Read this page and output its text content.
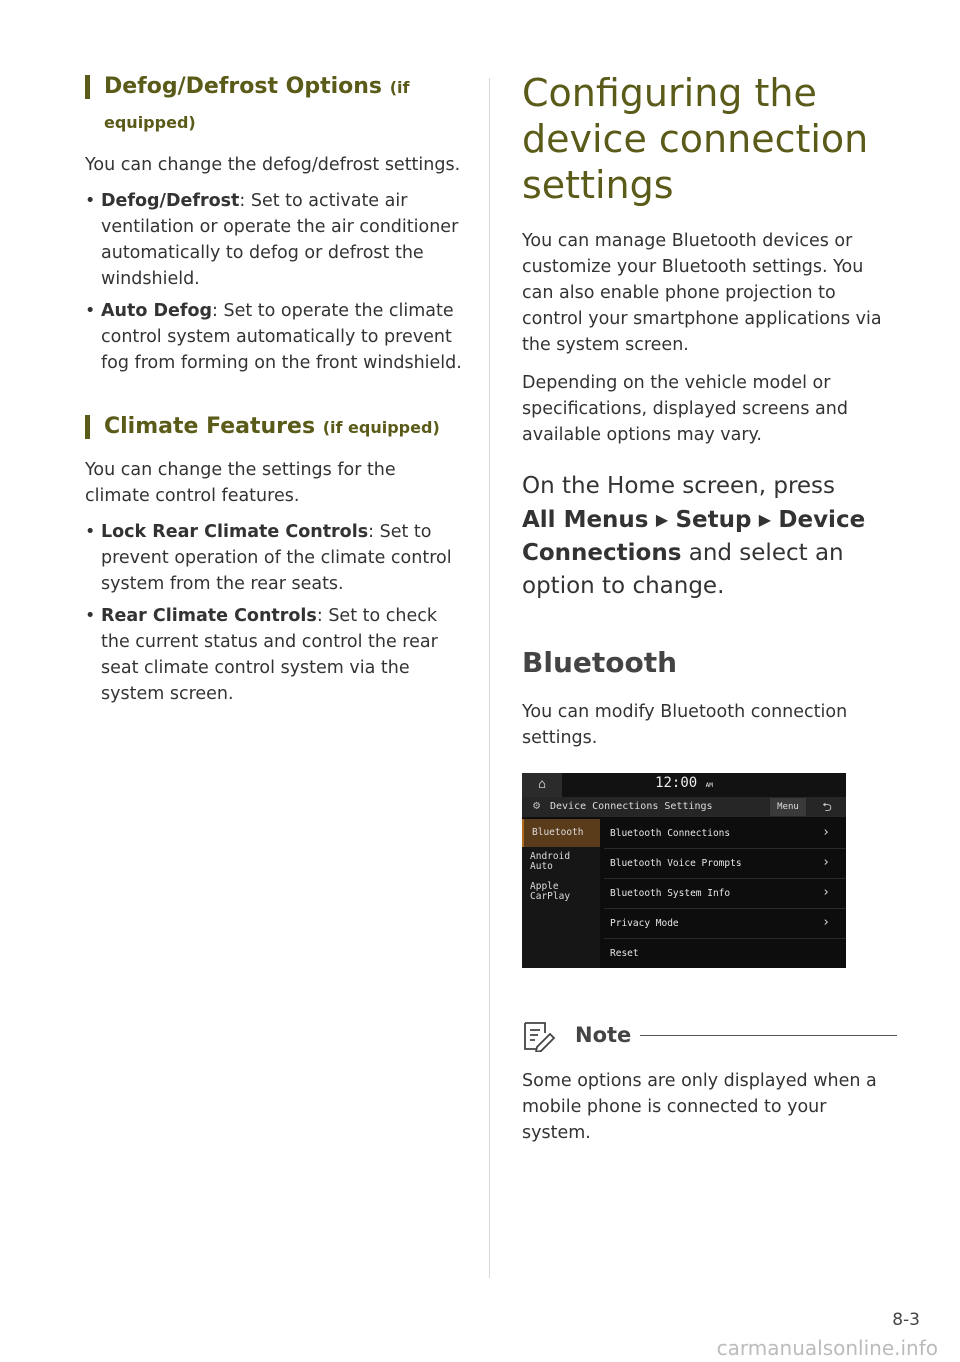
Defog/Defrost Options (if equipped)

You can change the defog/defrost settings.

• Defog/Defrost: Set to activate air ventilation or operate the air conditioner automatically to defog or defrost the windshield.
• Auto Defog: Set to operate the climate control system automatically to prevent fog from forming on the front windshield.
Climate Features (if equipped)

You can change the settings for the climate control features.

• Lock Rear Climate Controls: Set to prevent operation of the climate control system from the rear seats.
• Rear Climate Controls: Set to check the current status and control the rear seat climate control system via the system screen.
Configuring the device connection settings

You can manage Bluetooth devices or customize your Bluetooth settings. You can also enable phone projection to control your smartphone applications via the system screen.

Depending on the vehicle model or specifications, displayed screens and available options may vary.

On the Home screen, press
All Menus ▶ Setup ▶ Device Connections and select an option to change.
Bluetooth

You can modify Bluetooth connection settings.

⌂	12:00 AM
⚙ Device Connections Settings	Menu	⮌
Bluetooth
Android
Auto
Apple
CarPlay
Bluetooth Connections	›
Bluetooth Voice Prompts	›
Bluetooth System Info	›
Privacy Mode	›
Reset
Note

Some options are only displayed when a mobile phone is connected to your system.

8-3
carmanualsonline.info
